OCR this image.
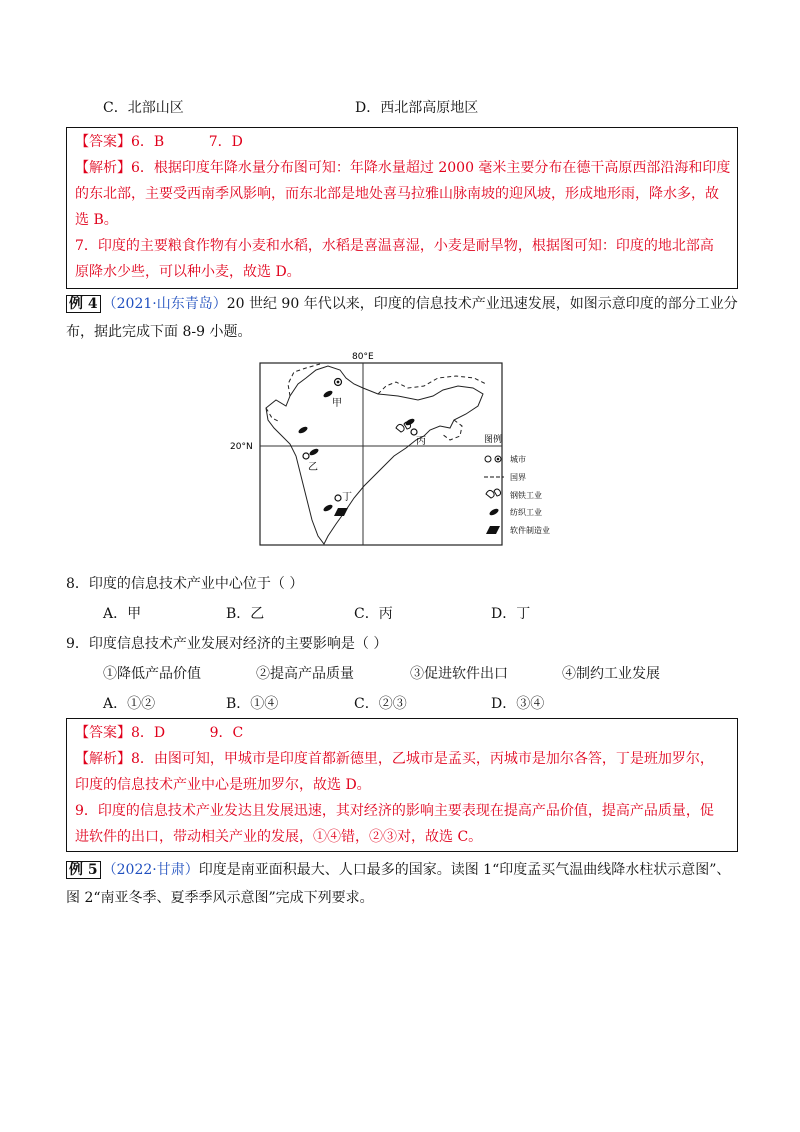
C．北部山区	D．西北部高原地区
【答案】6．B          7．D
【解析】6．根据印度年降水量分布图可知：年降水量超过 2000 毫米主要分布在德干高原西部沿海和印度
的东北部，主要受西南季风影响，而东北部是地处喜马拉雅山脉南坡的迎风坡，形成地形雨，降水多，故
选 B。
7．印度的主要粮食作物有小麦和水稻，水稻是喜温喜湿，小麦是耐旱物，根据图可知：印度的地北部高
原降水少些，可以种小麦，故选 D。
例 4 （2021·山东青岛）20 世纪 90 年代以来，印度的信息技术产业迅速发展，如图示意印度的部分工业分
布，据此完成下面 8-9 小题。
甲
乙
丙
丁
80°E
20°N
图例
城市
国界
钢铁工业
纺织工业
软件制造业
8．印度的信息技术产业中心位于（ ）
A．甲	B．乙	C．丙	D．丁
9．印度信息技术产业发展对经济的主要影响是（ ）
①降低产品价值	②提高产品质量	③促进软件出口	④制约工业发展
A．①②	B．①④	C．②③	D．③④
【答案】8．D          9．C
【解析】8．由图可知，甲城市是印度首都新德里，乙城市是孟买，丙城市是加尔各答，丁是班加罗尔，
印度的信息技术产业中心是班加罗尔，故选 D。
9．印度的信息技术产业发达且发展迅速，其对经济的影响主要表现在提高产品价值，提高产品质量，促
进软件的出口，带动相关产业的发展，①④错，②③对，故选 C。
例 5 （2022·甘肃）印度是南亚面积最大、人口最多的国家。读图 1“印度孟买气温曲线降水柱状示意图”、
图 2“南亚冬季、夏季季风示意图”完成下列要求。
